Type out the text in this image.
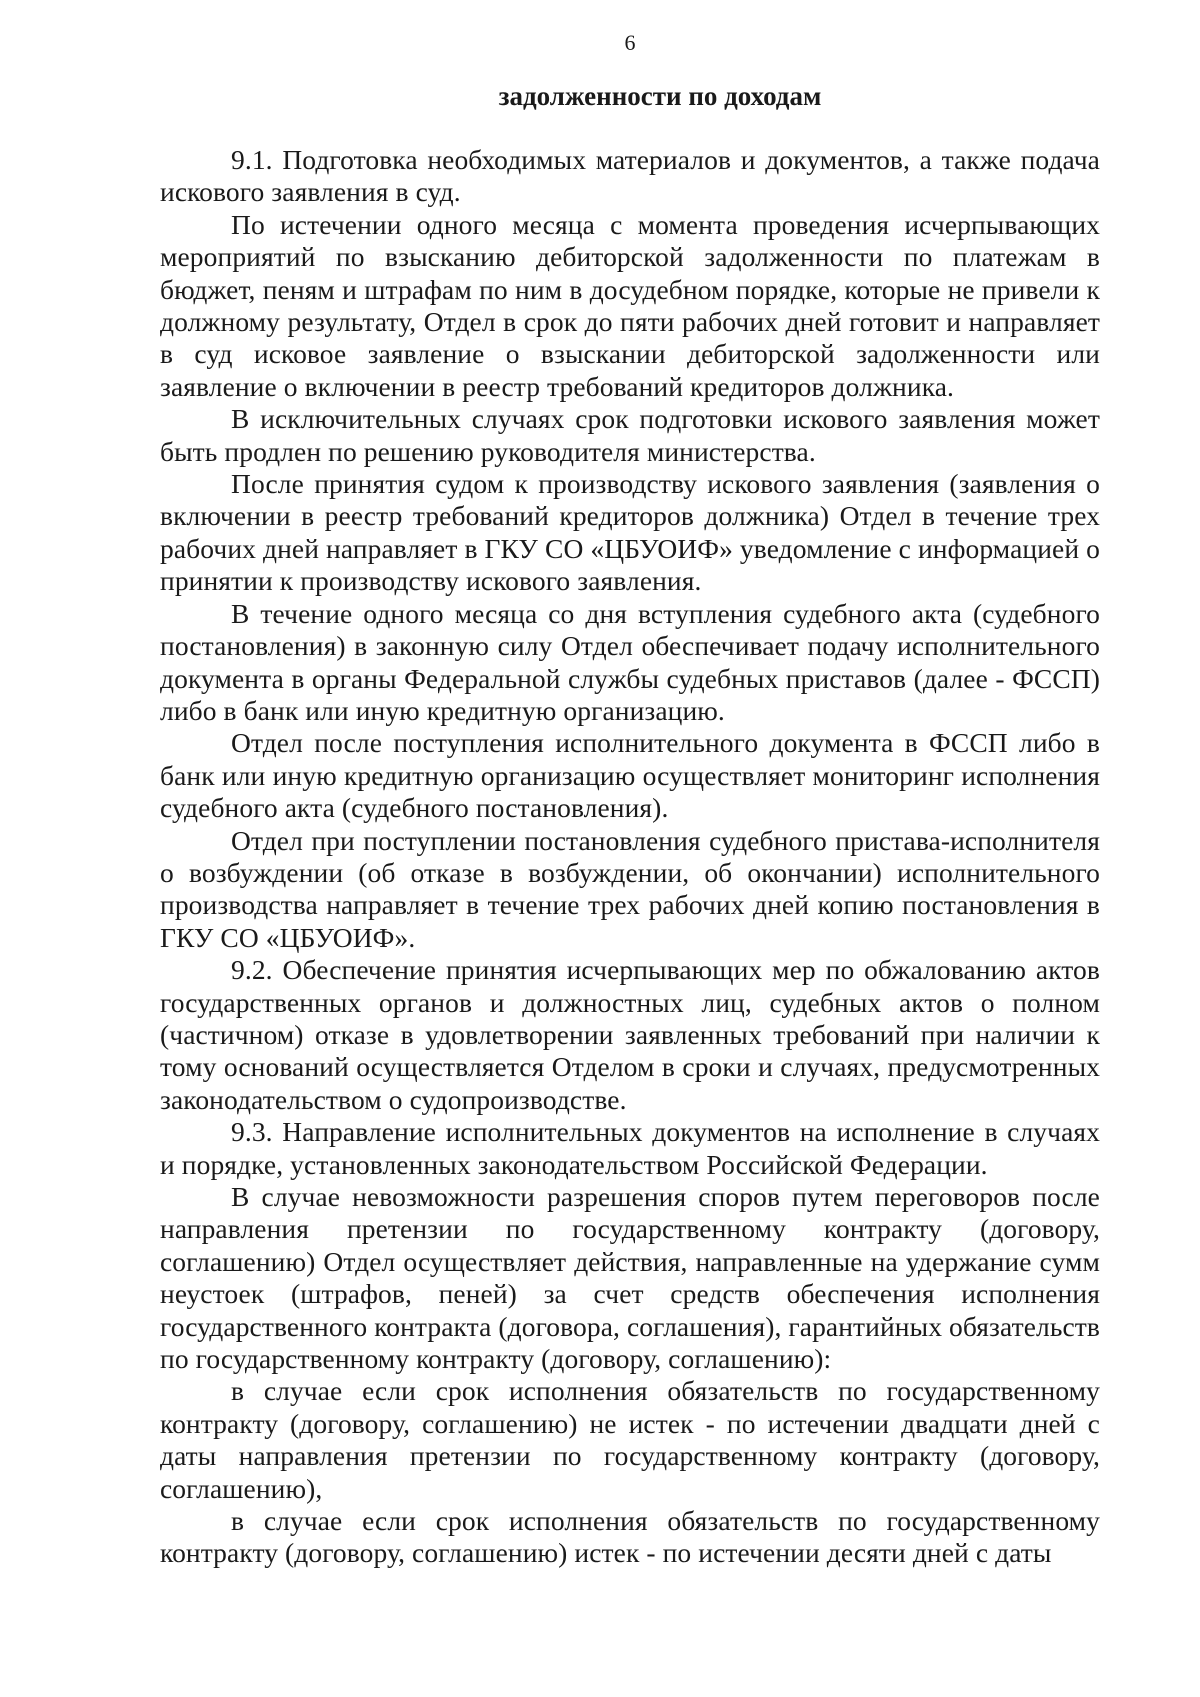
6
задолженности по доходам

9.1. Подготовка необходимых материалов и документов, а также подача искового заявления в суд.

По истечении одного месяца с момента проведения исчерпывающих мероприятий по взысканию дебиторской задолженности по платежам в бюджет, пеням и штрафам по ним в досудебном порядке, которые не привели к должному результату, Отдел в срок до пяти рабочих дней готовит и направляет в суд исковое заявление о взыскании дебиторской задолженности или заявление о включении в реестр требований кредиторов должника.

В исключительных случаях срок подготовки искового заявления может быть продлен по решению руководителя министерства.

После принятия судом к производству искового заявления (заявления о включении в реестр требований кредиторов должника) Отдел в течение трех рабочих дней направляет в ГКУ СО «ЦБУОИФ» уведомление с информацией о принятии к производству искового заявления.

В течение одного месяца со дня вступления судебного акта (судебного постановления) в законную силу Отдел обеспечивает подачу исполнительного документа в органы Федеральной службы судебных приставов (далее - ФССП) либо в банк или иную кредитную организацию.

Отдел после поступления исполнительного документа в ФССП либо в банк или иную кредитную организацию осуществляет мониторинг исполнения судебного акта (судебного постановления).

Отдел при поступлении постановления судебного пристава-исполнителя о возбуждении (об отказе в возбуждении, об окончании) исполнительного производства направляет в течение трех рабочих дней копию постановления в ГКУ СО «ЦБУОИФ».

9.2. Обеспечение принятия исчерпывающих мер по обжалованию актов государственных органов и должностных лиц, судебных актов о полном (частичном) отказе в удовлетворении заявленных требований при наличии к тому оснований осуществляется Отделом в сроки и случаях, предусмотренных законодательством о судопроизводстве.

9.3. Направление исполнительных документов на исполнение в случаях и порядке, установленных законодательством Российской Федерации.

В случае невозможности разрешения споров путем переговоров после направления претензии по государственному контракту (договору, соглашению) Отдел осуществляет действия, направленные на удержание сумм неустоек (штрафов, пеней) за счет средств обеспечения исполнения государственного контракта (договора, соглашения), гарантийных обязательств по государственному контракту (договору, соглашению):

в случае если срок исполнения обязательств по государственному контракту (договору, соглашению) не истек - по истечении двадцати дней с даты направления претензии по государственному контракту (договору, соглашению),

в случае если срок исполнения обязательств по государственному контракту (договору, соглашению) истек - по истечении десяти дней с даты
